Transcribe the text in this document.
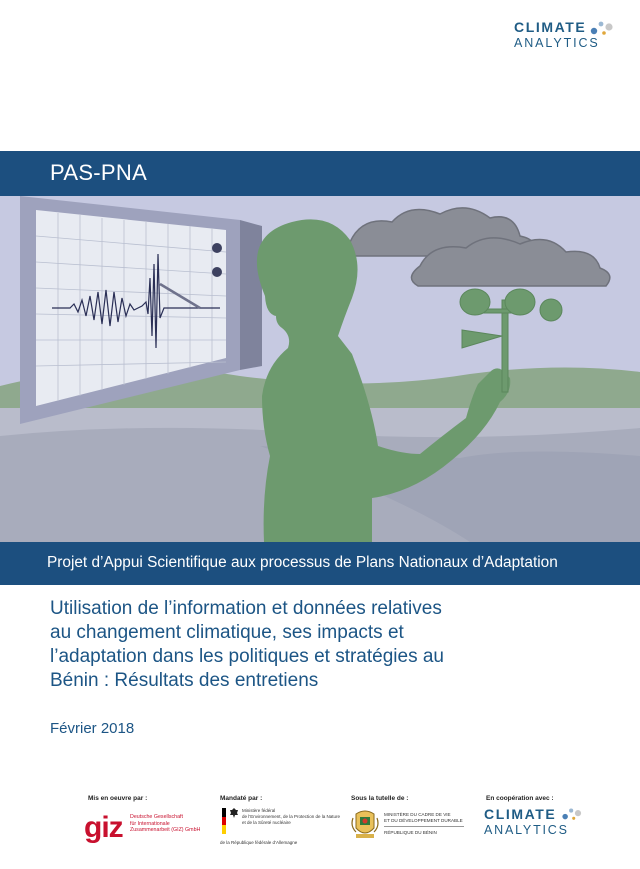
CLIMATE
ANALYTICS
PAS-PNA
Projet d’Appui Scientifique aux processus de Plans Nationaux d’Adaptation
Utilisation de l’information et données relatives
au changement climatique, ses impacts et
l’adaptation dans les politiques et stratégies au
Bénin : Résultats des entretiens
Février 2018
Mis en oeuvre par :	Mandaté par :	Sous la tutelle de :	En coopération avec :
giz Deutsche Gesellschaft
für Internationale
Zusammenarbeit (GIZ) GmbH
Ministère fédéral
de l’Environnement, de la Protection de la Nature
et de la Sûreté nucléaire
de la République fédérale d’Allemagne
MINISTÈRE DU CADRE DE VIE
ET DU DÉVELOPPEMENT DURABLE
RÉPUBLIQUE DU BÉNIN
CLIMATE
ANALYTICS
